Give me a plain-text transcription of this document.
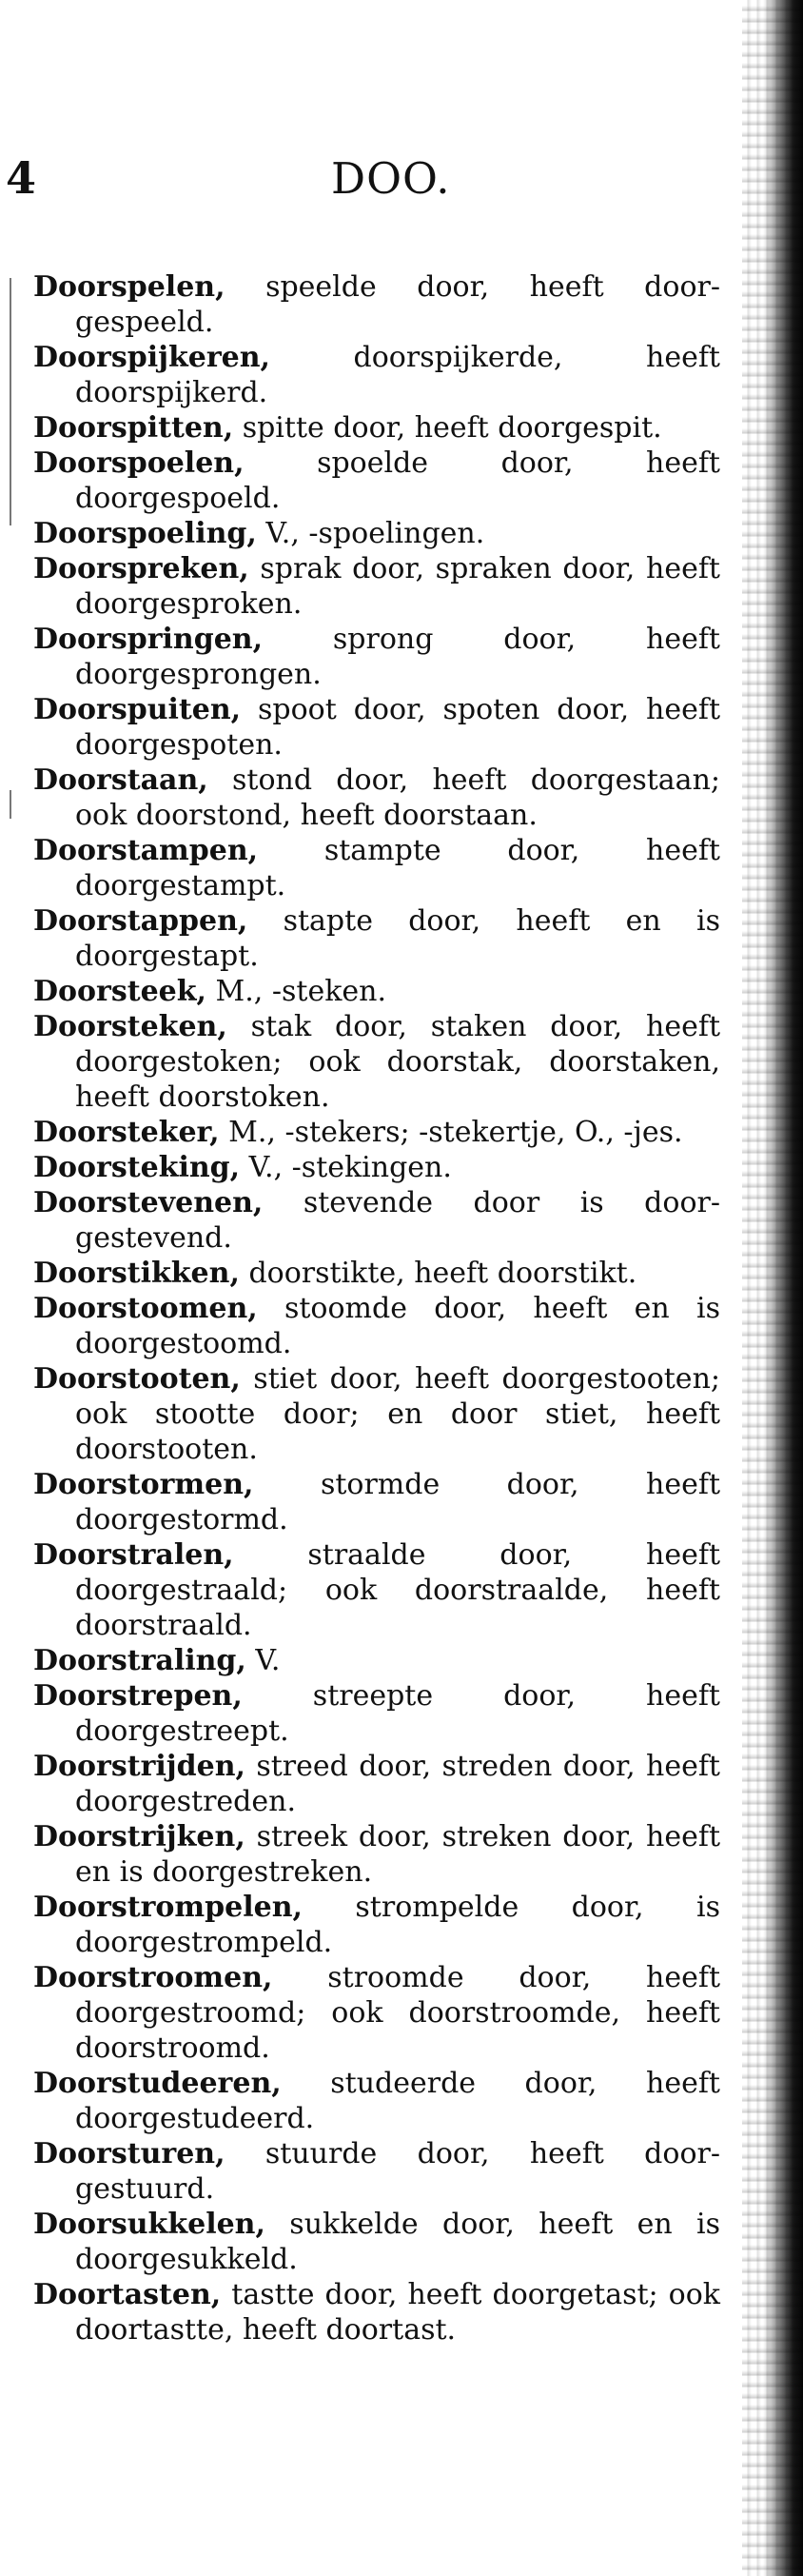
4	DOO.

Doorspelen, speelde door, heeft doorgespeeld.

Doorspijkeren, doorspijkerde, heeft doorspijkerd.

Doorspitten, spitte door, heeft doorgespit.

Doorspoelen, spoelde door, heeft doorgespoeld.

Doorspoeling, V., -spoelingen.

Doorspreken, sprak door, spraken door, heeft doorgesproken.

Doorspringen, sprong door, heeft doorgesprongen.

Doorspuiten, spoot door, spoten door, heeft doorgespoten.

Doorstaan, stond door, heeft doorgestaan; ook doorstond, heeft doorstaan.

Doorstampen, stampte door, heeft doorgestampt.

Doorstappen, stapte door, heeft en is doorgestapt.

Doorsteek, M., -steken.

Doorsteken, stak door, staken door, heeft doorgestoken; ook doorstak, doorstaken, heeft doorstoken.

Doorsteker, M., -stekers; -stekertje, O., -jes.

Doorsteking, V., -stekingen.

Doorstevenen, stevende door is doorgestevend.

Doorstikken, doorstikte, heeft doorstikt.

Doorstoomen, stoomde door, heeft en is doorgestoomd.

Doorstooten, stiet door, heeft doorgestooten; ook stootte door; en door stiet, heeft doorstooten.

Doorstormen, stormde door, heeft doorgestormd.

Doorstralen, straalde door, heeft doorgestraald; ook doorstraalde, heeft doorstraald.

Doorstraling, V.

Doorstrepen, streepte door, heeft doorgestreept.

Doorstrijden, streed door, streden door, heeft doorgestreden.

Doorstrijken, streek door, streken door, heeft en is doorgestreken.

Doorstrompelen, strompelde door, is doorgestrompeld.

Doorstroomen, stroomde door, heeft doorgestroomd; ook doorstroomde, heeft doorstroomd.

Doorstudeeren, studeerde door, heeft doorgestudeerd.

Doorsturen, stuurde door, heeft doorgestuurd.

Doorsukkelen, sukkelde door, heeft en is doorgesukkeld.

Doortasten, tastte door, heeft doorgetast; ook doortastte, heeft doortast.
